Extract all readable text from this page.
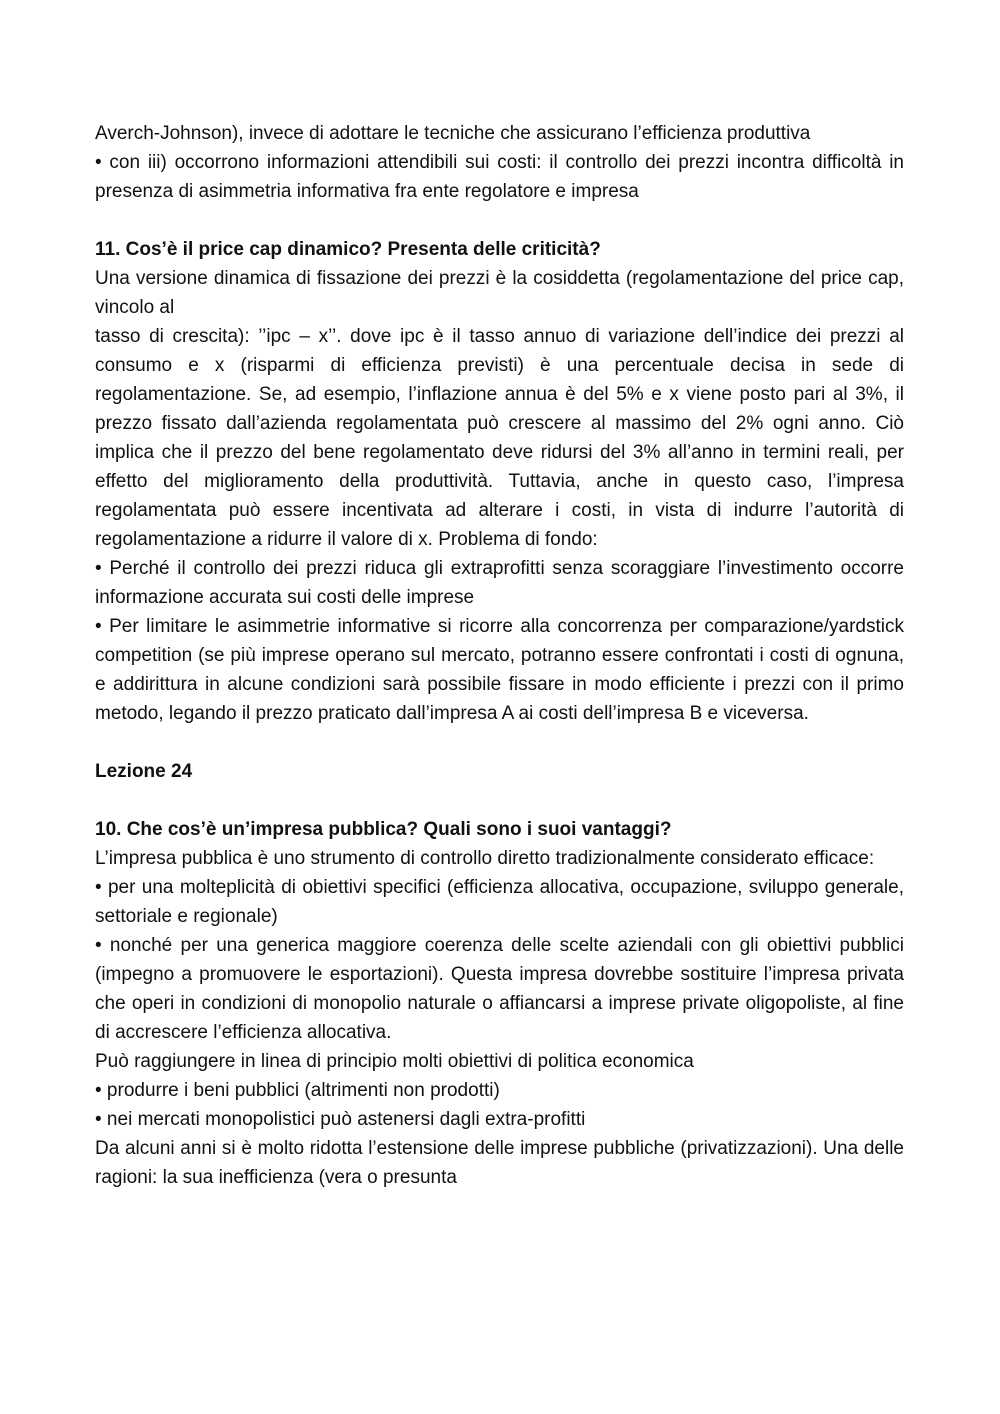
Averch-Johnson), invece di adottare le tecniche che assicurano l’efficienza produttiva

• con iii) occorrono informazioni attendibili sui costi: il controllo dei prezzi incontra difficoltà in presenza di asimmetria informativa fra ente regolatore e impresa

11. Cos’è il price cap dinamico? Presenta delle criticità?

Una versione dinamica di fissazione dei prezzi è la cosiddetta (regolamentazione del price cap, vincolo al

tasso di crescita): ’’ipc – x’’. dove ipc è il tasso annuo di variazione dell’indice dei prezzi al consumo e x (risparmi di efficienza previsti) è una percentuale decisa in sede di regolamentazione. Se, ad esempio, l’inflazione annua è del 5% e x viene posto pari al 3%, il prezzo fissato dall’azienda regolamentata può crescere al massimo del 2% ogni anno. Ciò implica che il prezzo del bene regolamentato deve ridursi del 3% all’anno in termini reali, per effetto del miglioramento della produttività. Tuttavia, anche in questo caso, l’impresa regolamentata può essere incentivata ad alterare i costi, in vista di indurre l’autorità di regolamentazione a ridurre il valore di x. Problema di fondo:

• Perché il controllo dei prezzi riduca gli extraprofitti senza scoraggiare l’investimento occorre informazione accurata sui costi delle imprese

• Per limitare le asimmetrie informative si ricorre alla concorrenza per comparazione/yardstick competition (se più imprese operano sul mercato, potranno essere confrontati i costi di ognuna, e addirittura in alcune condizioni sarà possibile fissare in modo efficiente i prezzi con il primo metodo, legando il prezzo praticato dall’impresa A ai costi dell’impresa B e viceversa.

Lezione 24
10. Che cos’è un’impresa pubblica? Quali sono i suoi vantaggi?

L’impresa pubblica è uno strumento di controllo diretto tradizionalmente considerato efficace:

• per una molteplicità di obiettivi specifici (efficienza allocativa, occupazione, sviluppo generale, settoriale e regionale)

• nonché per una generica maggiore coerenza delle scelte aziendali con gli obiettivi pubblici (impegno a promuovere le esportazioni). Questa impresa dovrebbe sostituire l’impresa privata che operi in condizioni di monopolio naturale o affiancarsi a imprese private oligopoliste, al fine di accrescere l’efficienza allocativa.

Può raggiungere in linea di principio molti obiettivi di politica economica

• produrre i beni pubblici (altrimenti non prodotti)

• nei mercati monopolistici può astenersi dagli extra-profitti

Da alcuni anni si è molto ridotta l’estensione delle imprese pubbliche (privatizzazioni). Una delle ragioni: la sua inefficienza (vera o presunta
